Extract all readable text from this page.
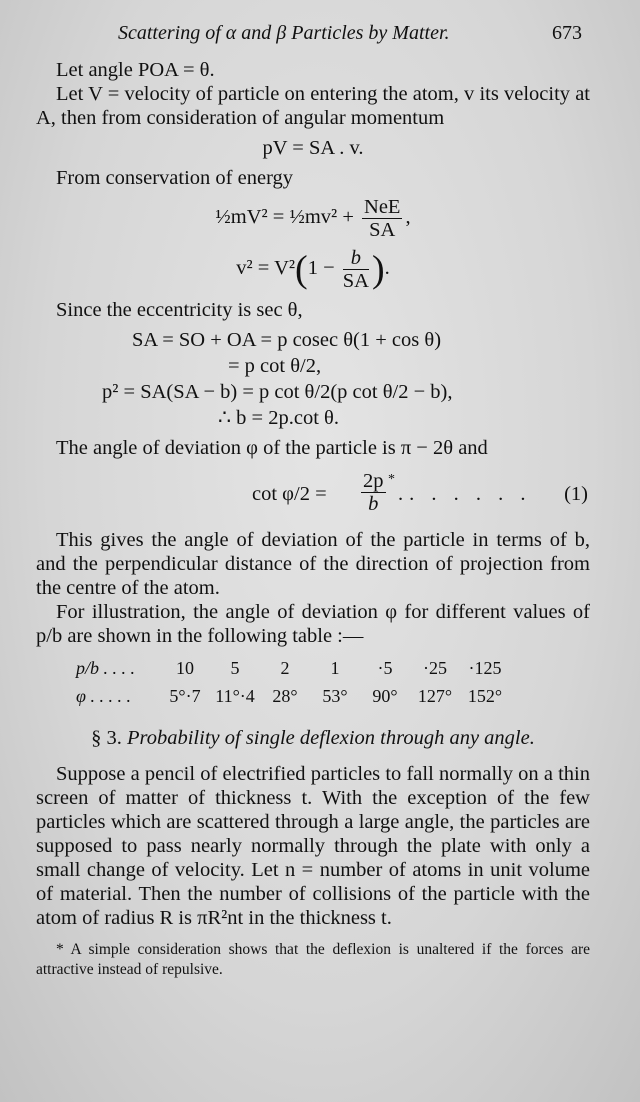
Scattering of α and β Particles by Matter.	673

Let angle POA = θ.

Let V = velocity of particle on entering the atom, v its velocity at A, then from consideration of angular momentum

pV = SA . v.

From conservation of energy

½mV² = ½mv² + $\frac{\text{NeE}}{SA}$ ,
$v^2 = V^2(1 - \frac{b}{SA}$ ).

Since the eccentricity is sec θ,

SA = SO + OA = p cosec θ(1 + cos θ)
= p cot θ/2,
p² = SA(SA − b) = p cot θ/2(p cot θ/2 − b),
∴ b = 2p.cot θ.

The angle of deviation φ of the particle is π − 2θ and

$\cot \varphi/2 = \frac{2p}{b}$ *
.. . . . . . (1)

This gives the angle of deviation of the particle in terms of b, and the perpendicular distance of the direction of projection from the centre of the atom.

For illustration, the angle of deviation φ for different values of p/b are shown in the following table :—

p/b . . . .	10	5	2	1	·5	·25	·125
φ . . . . .	5°·7	11°·4	28°	53°	90°	127°	152°
§ 3. Probability of single deflexion through any angle.

Suppose a pencil of electrified particles to fall normally on a thin screen of matter of thickness t. With the exception of the few particles which are scattered through a large angle, the particles are supposed to pass nearly normally through the plate with only a small change of velocity. Let n = number of atoms in unit volume of material. Then the number of collisions of the particle with the atom of radius R is πR²nt in the thickness t.

* A simple consideration shows that the deflexion is unaltered if the forces are attractive instead of repulsive.
